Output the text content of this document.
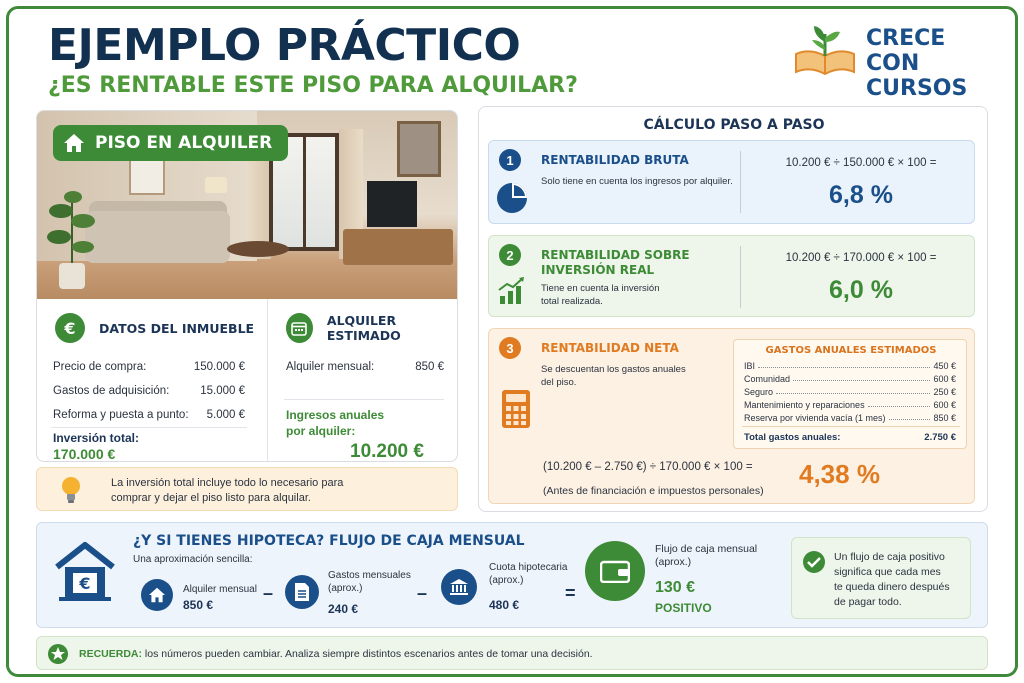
EJEMPLO PRÁCTICO
¿ES RENTABLE ESTE PISO PARA ALQUILAR?
CRECE
CON CURSOS
PISO EN ALQUILER
€	DATOS DEL INMUEBLE
Precio de compra:	150.000 €
Gastos de adquisición:	15.000 €
Reforma y puesta a punto: 5.000 €
Inversión total:
170.000 €
ALQUILER ESTIMADO
Alquiler mensual:	850 €
Ingresos anuales
por alquiler:
10.200 €
La inversión total incluye todo lo necesario para
comprar y dejar el piso listo para alquilar.
CÁLCULO PASO A PASO
1	RENTABILIDAD BRUTA
Solo tiene en cuenta los ingresos por alquiler.
10.200 € ÷ 150.000 € × 100 =
6,8 %
2	RENTABILIDAD SOBRE
INVERSIÓN REAL
Tiene en cuenta la inversión
total realizada.
10.200 € ÷ 170.000 € × 100 =
6,0 %
3	RENTABILIDAD NETA
Se descuentan los gastos anuales
del piso.
GASTOS ANUALES ESTIMADOS
IBI	450 €
Comunidad	600 €
Seguro	250 €
Mantenimiento y reparaciones	600 €
Reserva por vivienda vacía (1 mes)	850 €
Total gastos anuales:	2.750 €
(10.200 € – 2.750 €) ÷ 170.000 € × 100 =
(Antes de financiación e impuestos personales)
4,38 %
€
¿Y SI TIENES HIPOTECA? FLUJO DE CAJA MENSUAL
Una aproximación sencilla:
Alquiler mensual
850 €
–
Gastos mensuales
(aprox.)
240 €
–
Cuota hipotecaria
(aprox.)
480 €
=
Flujo de caja mensual
(aprox.)
130 €
POSITIVO
Un flujo de caja positivo
significa que cada mes
te queda dinero después
de pagar todo.
RECUERDA: los números pueden cambiar. Analiza siempre distintos escenarios antes de tomar una decisión.
